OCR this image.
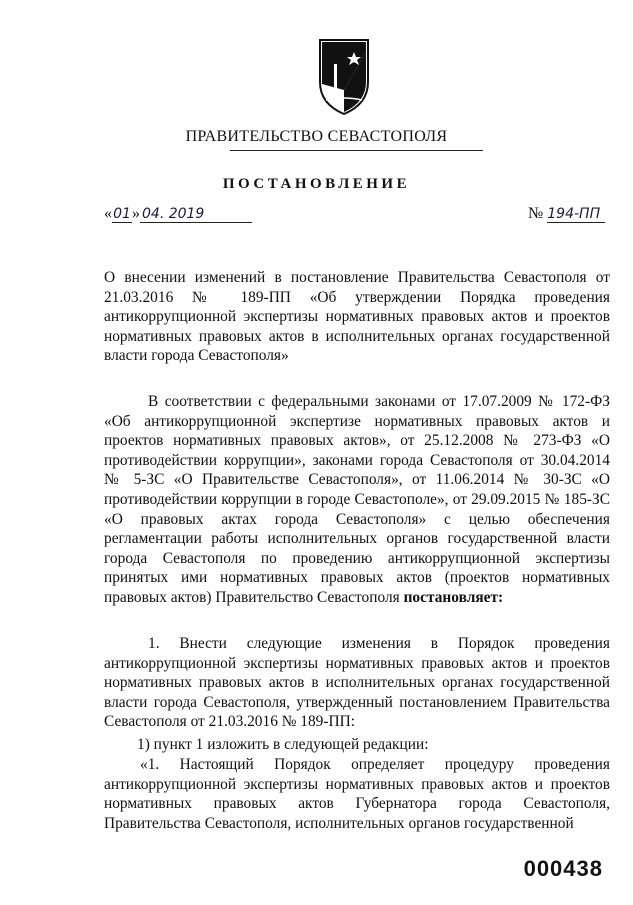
ПРАВИТЕЛЬСТВО СЕВАСТОПОЛЯ
ПОСТАНОВЛЕНИЕ
«01» 04. 2019	№ 194-ПП
О внесении изменений в постановление Правительства Севастополя от 21.03.2016 № 189-ПП «Об утверждении Порядка проведения антикоррупционной экспертизы нормативных правовых актов и проектов нормативных правовых актов в исполнительных органах государственной власти города Севастополя»
В соответствии с федеральными законами от 17.07.2009 № 172-ФЗ «Об антикоррупционной экспертизе нормативных правовых актов и проектов нормативных правовых актов», от 25.12.2008 № 273-ФЗ «О противодействии коррупции», законами города Севастополя от 30.04.2014 № 5-ЗС «О Правительстве Севастополя», от 11.06.2014 № 30-ЗС «О противодействии коррупции в городе Севастополе», от 29.09.2015 № 185-ЗС «О правовых актах города Севастополя» с целью обеспечения регламентации работы исполнительных органов государственной власти города Севастополя по проведению антикоррупционной экспертизы принятых ими нормативных правовых актов (проектов нормативных правовых актов) Правительство Севастополя постановляет:
1. Внести следующие изменения в Порядок проведения антикоррупционной экспертизы нормативных правовых актов и проектов нормативных правовых актов в исполнительных органах государственной власти города Севастополя, утвержденный постановлением Правительства Севастополя от 21.03.2016 № 189-ПП:
1) пункт 1 изложить в следующей редакции:
«1. Настоящий Порядок определяет процедуру проведения антикоррупционной экспертизы нормативных правовых актов и проектов нормативных правовых актов Губернатора города Севастополя, Правительства Севастополя, исполнительных органов государственной
000438
